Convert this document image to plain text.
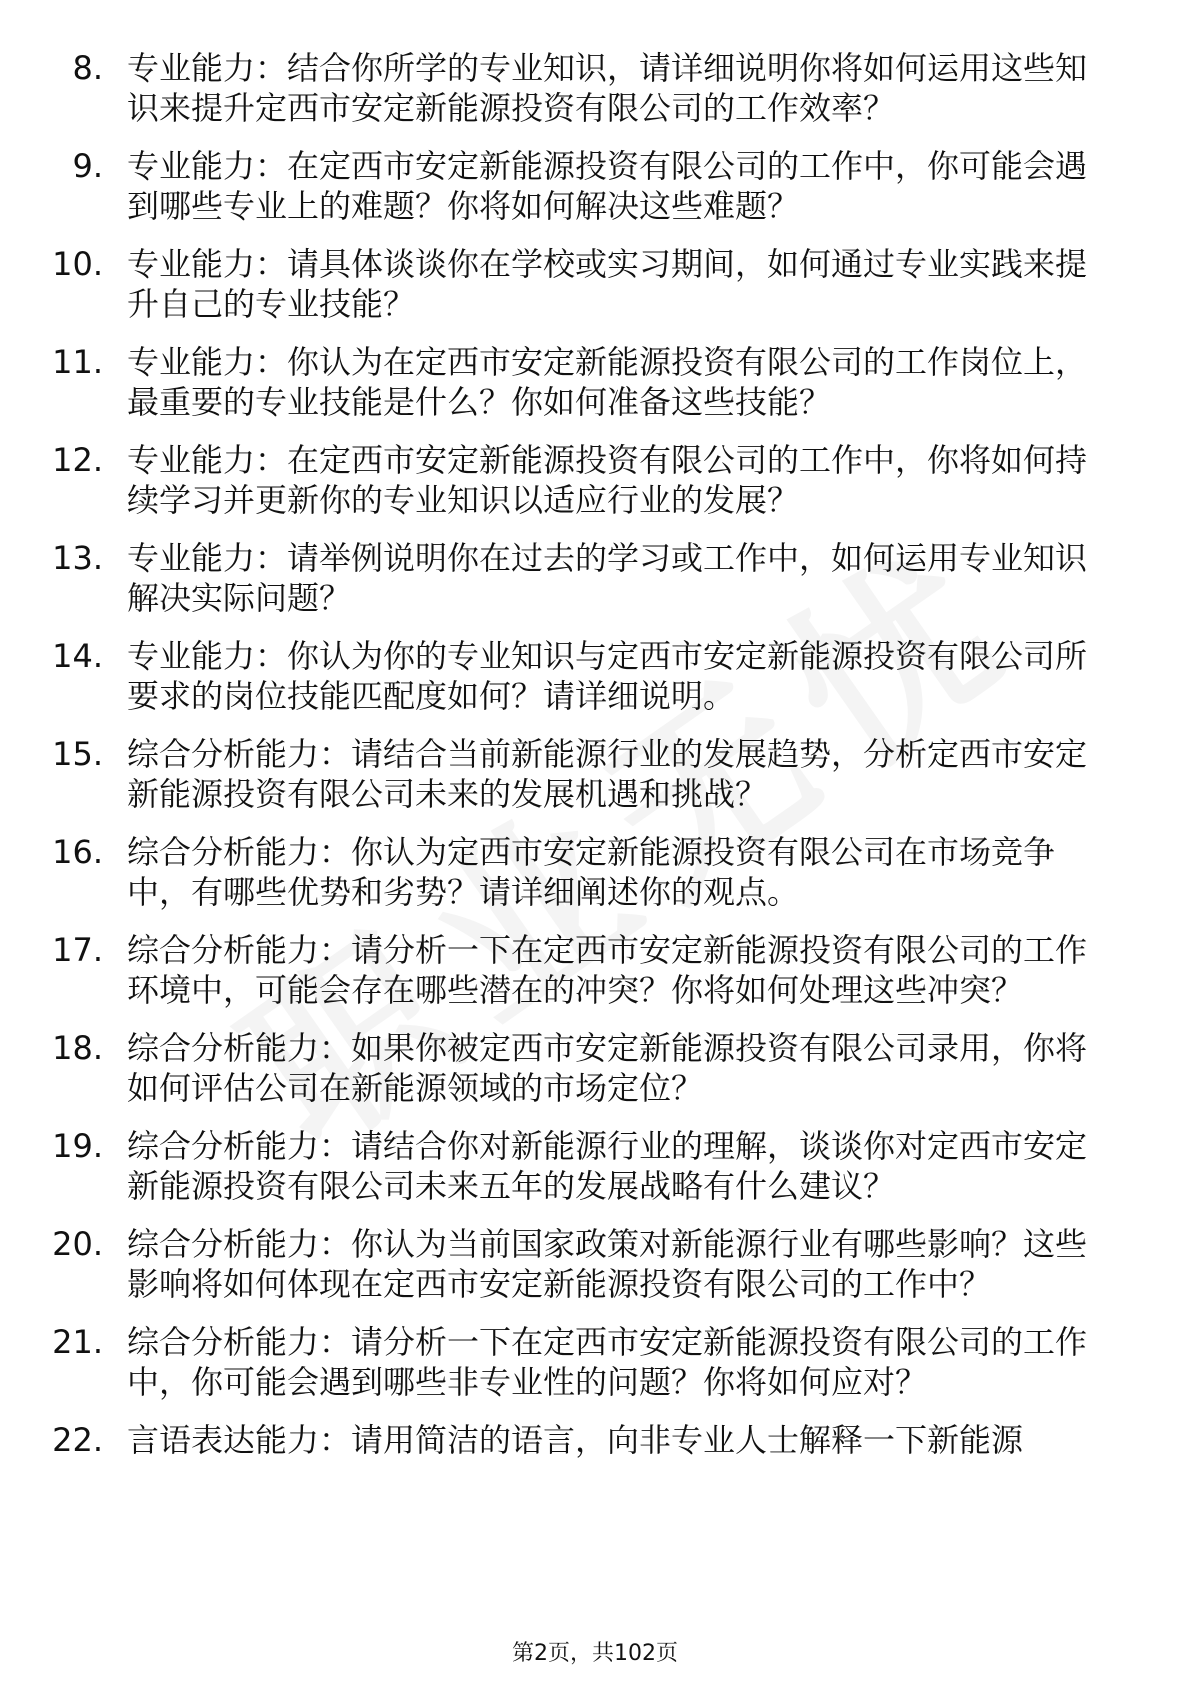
8. 专业能力：结合你所学的专业知识，请详细说明你将如何运用这些知识来提升定西市安定新能源投资有限公司的工作效率？
9. 专业能力：在定西市安定新能源投资有限公司的工作中，你可能会遇到哪些专业上的难题？你将如何解决这些难题？
10. 专业能力：请具体谈谈你在学校或实习期间，如何通过专业实践来提升自己的专业技能？
11. 专业能力：你认为在定西市安定新能源投资有限公司的工作岗位上，最重要的专业技能是什么？你如何准备这些技能？
12. 专业能力：在定西市安定新能源投资有限公司的工作中，你将如何持续学习并更新你的专业知识以适应行业的发展？
13. 专业能力：请举例说明你在过去的学习或工作中，如何运用专业知识解决实际问题？
14. 专业能力：你认为你的专业知识与定西市安定新能源投资有限公司所要求的岗位技能匹配度如何？请详细说明。
15. 综合分析能力：请结合当前新能源行业的发展趋势，分析定西市安定新能源投资有限公司未来的发展机遇和挑战？
16. 综合分析能力：你认为定西市安定新能源投资有限公司在市场竞争中，有哪些优势和劣势？请详细阐述你的观点。
17. 综合分析能力：请分析一下在定西市安定新能源投资有限公司的工作环境中，可能会存在哪些潜在的冲突？你将如何处理这些冲突？
18. 综合分析能力：如果你被定西市安定新能源投资有限公司录用，你将如何评估公司在新能源领域的市场定位？
19. 综合分析能力：请结合你对新能源行业的理解，谈谈你对定西市安定新能源投资有限公司未来五年的发展战略有什么建议？
20. 综合分析能力：你认为当前国家政策对新能源行业有哪些影响？这些影响将如何体现在定西市安定新能源投资有限公司的工作中？
21. 综合分析能力：请分析一下在定西市安定新能源投资有限公司的工作中，你可能会遇到哪些非专业性的问题？你将如何应对？
22. 言语表达能力：请用简洁的语言，向非专业人士解释一下新能源
第2页，共102页
